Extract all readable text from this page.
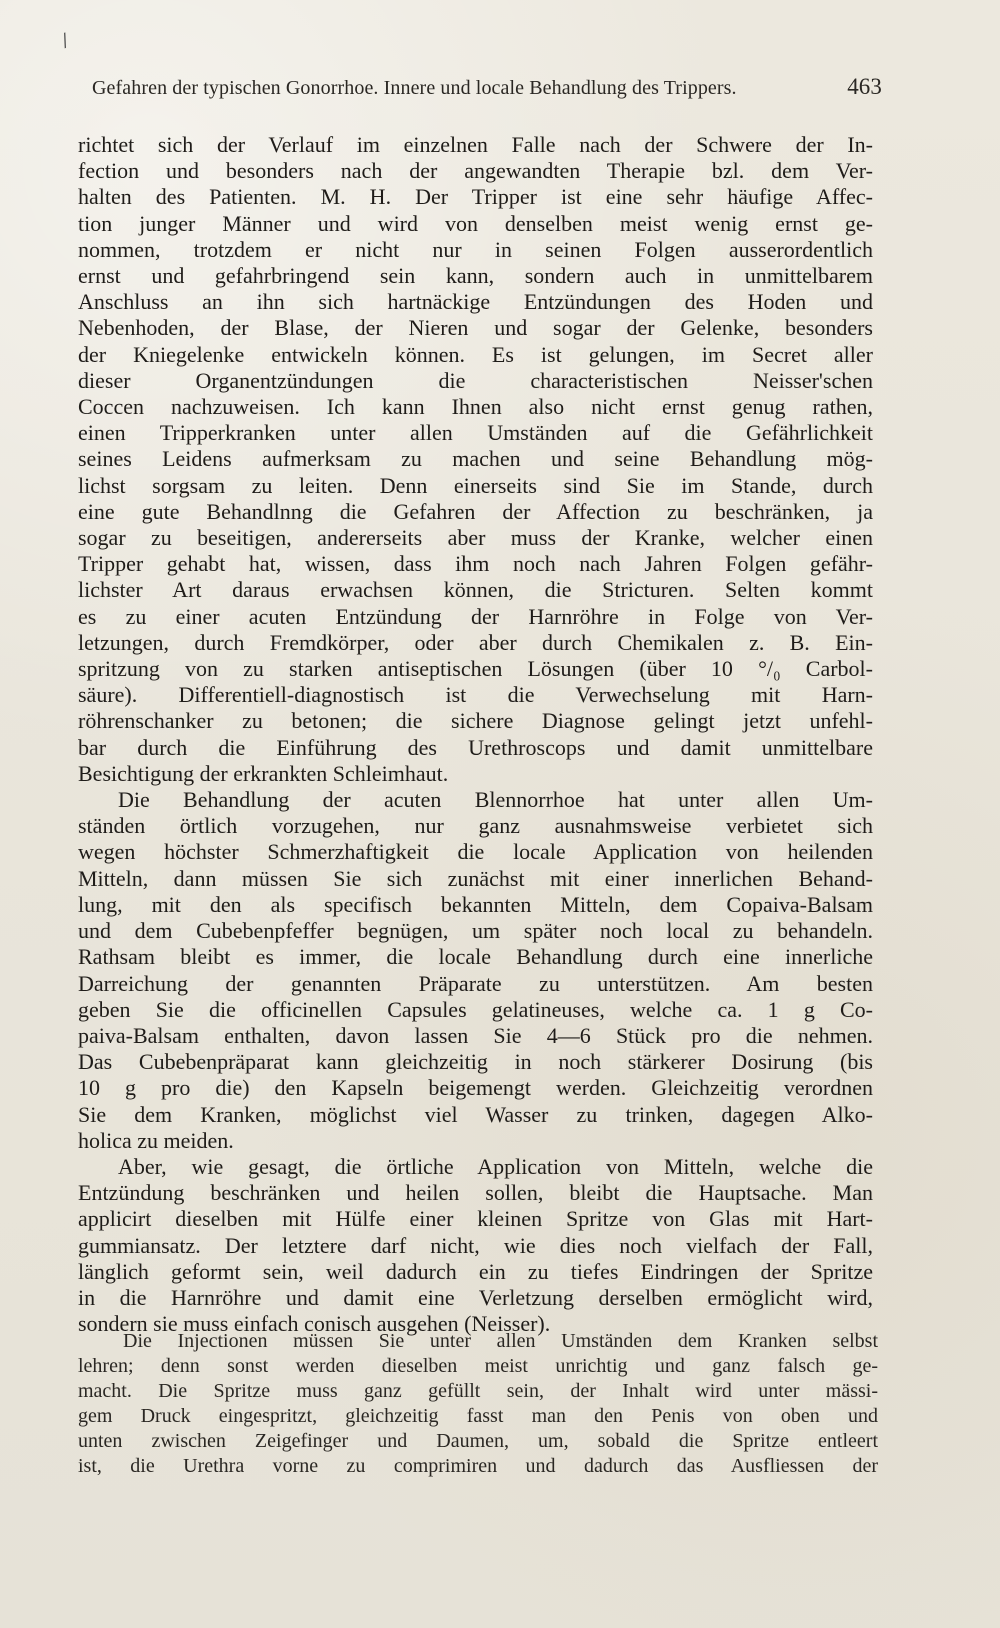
/
Gefahren der typischen Gonorrhoe. Innere und locale Behandlung des Trippers.	463
richtet sich der Verlauf im einzelnen Falle nach der Schwere der In-
fection und besonders nach der angewandten Therapie bzl. dem Ver-
halten des Patienten. M. H. Der Tripper ist eine sehr häufige Affec-
tion junger Männer und wird von denselben meist wenig ernst ge-
nommen, trotzdem er nicht nur in seinen Folgen ausserordentlich
ernst und gefahrbringend sein kann, sondern auch in unmittelbarem
Anschluss an ihn sich hartnäckige Entzündungen des Hoden und
Nebenhoden, der Blase, der Nieren und sogar der Gelenke, besonders
der Kniegelenke entwickeln können. Es ist gelungen, im Secret aller
dieser Organentzündungen die characteristischen Neisser'schen
Coccen nachzuweisen. Ich kann Ihnen also nicht ernst genug rathen,
einen Tripperkranken unter allen Umständen auf die Gefährlichkeit
seines Leidens aufmerksam zu machen und seine Behandlung mög-
lichst sorgsam zu leiten. Denn einerseits sind Sie im Stande, durch
eine gute Behandlnng die Gefahren der Affection zu beschränken, ja
sogar zu beseitigen, andererseits aber muss der Kranke, welcher einen
Tripper gehabt hat, wissen, dass ihm noch nach Jahren Folgen gefähr-
lichster Art daraus erwachsen können, die Stricturen. Selten kommt
es zu einer acuten Entzündung der Harnröhre in Folge von Ver-
letzungen, durch Fremdkörper, oder aber durch Chemikalen z. B. Ein-
spritzung von zu starken antiseptischen Lösungen (über 10 °/₀ Carbol-
säure). Differentiell-diagnostisch ist die Verwechselung mit Harn-
röhrenschanker zu betonen; die sichere Diagnose gelingt jetzt unfehl-
bar durch die Einführung des Urethroscops und damit unmittelbare
Besichtigung der erkrankten Schleimhaut.
Die Behandlung der acuten Blennorrhoe hat unter allen Um-
ständen örtlich vorzugehen, nur ganz ausnahmsweise verbietet sich
wegen höchster Schmerzhaftigkeit die locale Application von heilenden
Mitteln, dann müssen Sie sich zunächst mit einer innerlichen Behand-
lung, mit den als specifisch bekannten Mitteln, dem Copaiva-Balsam
und dem Cubebenpfeffer begnügen, um später noch local zu behandeln.
Rathsam bleibt es immer, die locale Behandlung durch eine innerliche
Darreichung der genannten Präparate zu unterstützen. Am besten
geben Sie die officinellen Capsules gelatineuses, welche ca. 1 g Co-
paiva-Balsam enthalten, davon lassen Sie 4—6 Stück pro die nehmen.
Das Cubebenpräparat kann gleichzeitig in noch stärkerer Dosirung (bis
10 g pro die) den Kapseln beigemengt werden. Gleichzeitig verordnen
Sie dem Kranken, möglichst viel Wasser zu trinken, dagegen Alko-
holica zu meiden.
Aber, wie gesagt, die örtliche Application von Mitteln, welche die
Entzündung beschränken und heilen sollen, bleibt die Hauptsache. Man
applicirt dieselben mit Hülfe einer kleinen Spritze von Glas mit Hart-
gummiansatz. Der letztere darf nicht, wie dies noch vielfach der Fall,
länglich geformt sein, weil dadurch ein zu tiefes Eindringen der Spritze
in die Harnröhre und damit eine Verletzung derselben ermöglicht wird,
sondern sie muss einfach conisch ausgehen (Neisser).
Die Injectionen müssen Sie unter allen Umständen dem Kranken selbst
lehren; denn sonst werden dieselben meist unrichtig und ganz falsch ge-
macht. Die Spritze muss ganz gefüllt sein, der Inhalt wird unter mässi-
gem Druck eingespritzt, gleichzeitig fasst man den Penis von oben und
unten zwischen Zeigefinger und Daumen, um, sobald die Spritze entleert
ist, die Urethra vorne zu comprimiren und dadurch das Ausfliessen der
